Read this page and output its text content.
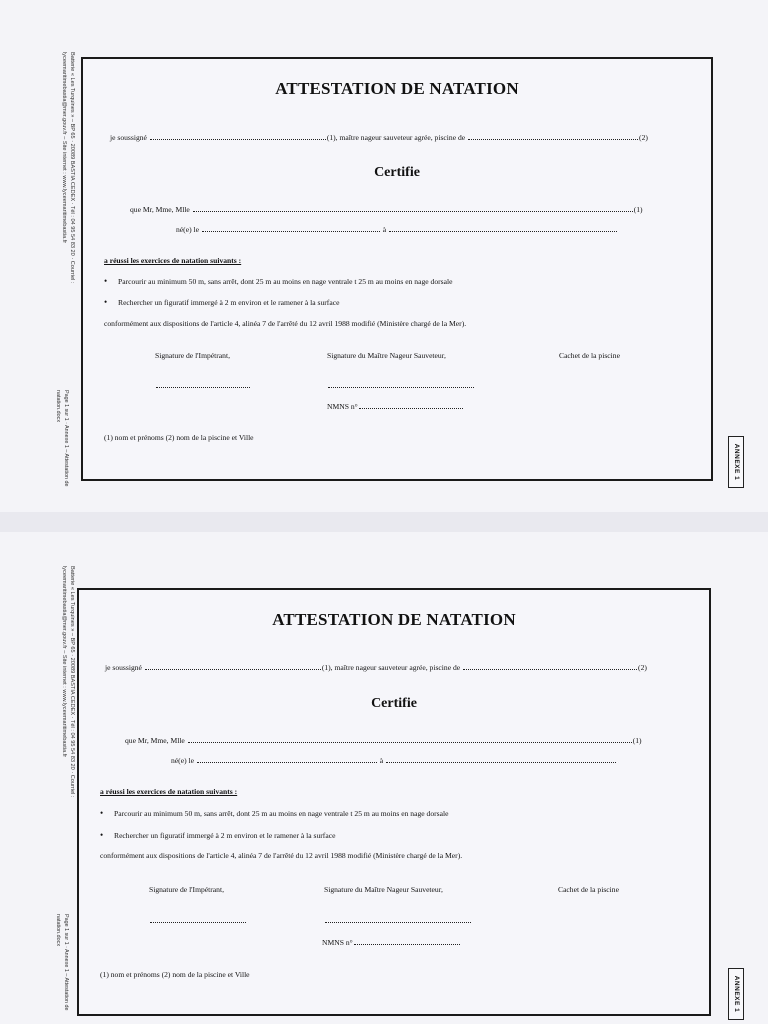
Batterie « Les Turquines » – BP 65 · 20089 BASTIA CEDEX · Tél : 04 95 54 83 20 · Courriel : lyceemaritimebastia@mer.gouv.fr – Site internet : www.lyceemaritimebastia.fr
Page 1 sur 1 · Annexe 1 – Attestation de natation.docx
ANNEXE 1
ATTESTATION DE NATATION
je soussigné	(1), maître nageur sauveteur agrée, piscine de	(2)
Certifie
que Mr, Mme, Mlle	(1)
né(e) le	à
a réussi les exercices de natation suivants :
• Parcourir au minimum 50 m, sans arrêt, dont 25 m au moins en nage ventrale t 25 m au moins en nage dorsale
• Rechercher un figuratif immergé à 2 m environ et le ramener à la surface
conformément aux dispositions de l'article 4, alinéa 7 de l'arrêté du 12 avril 1988 modifié (Ministère chargé de la Mer).
Signature de l'Impétrant,	Signature du Maître Nageur Sauveteur,	Cachet de la piscine
NMNS n°
(1) nom et prénoms (2) nom de la piscine et Ville
Batterie « Les Turquines » – BP 65 · 20089 BASTIA CEDEX · Tél : 04 95 54 83 20 · Courriel : lyceemaritimebastia@mer.gouv.fr – Site internet : www.lyceemaritimebastia.fr
Page 1 sur 1 · Annexe 1 – Attestation de natation.docx
ANNEXE 1
ATTESTATION DE NATATION
je soussigné	(1), maître nageur sauveteur agrée, piscine de	(2)
Certifie
que Mr, Mme, Mlle	(1)
né(e) le	à
a réussi les exercices de natation suivants :
• Parcourir au minimum 50 m, sans arrêt, dont 25 m au moins en nage ventrale t 25 m au moins en nage dorsale
• Rechercher un figuratif immergé à 2 m environ et le ramener à la surface
conformément aux dispositions de l'article 4, alinéa 7 de l'arrêté du 12 avril 1988 modifié (Ministère chargé de la Mer).
Signature de l'Impétrant,	Signature du Maître Nageur Sauveteur,	Cachet de la piscine
NMNS n°
(1) nom et prénoms (2) nom de la piscine et Ville
